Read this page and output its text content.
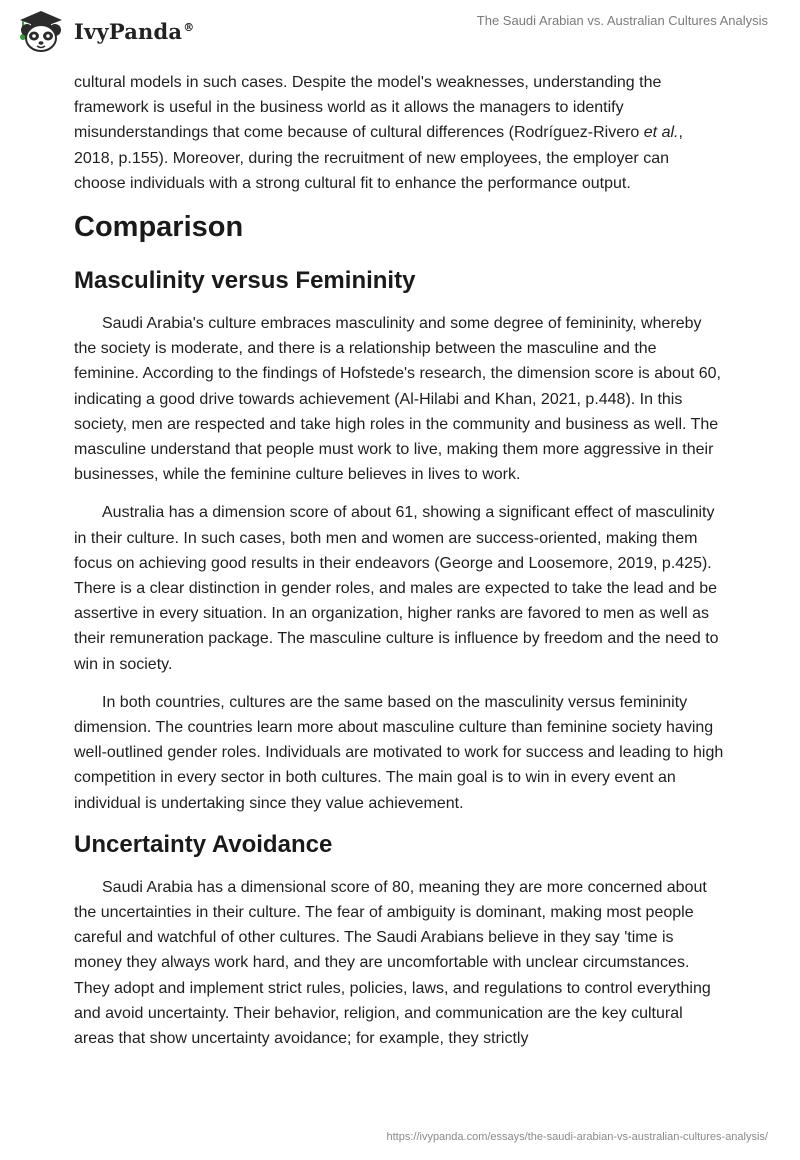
IvyPanda®	The Saudi Arabian vs. Australian Cultures Analysis

cultural models in such cases. Despite the model's weaknesses, understanding the framework is useful in the business world as it allows the managers to identify misunderstandings that come because of cultural differences (Rodríguez-Rivero et al., 2018, p.155). Moreover, during the recruitment of new employees, the employer can choose individuals with a strong cultural fit to enhance the performance output.

Comparison
Masculinity versus Femininity

Saudi Arabia's culture embraces masculinity and some degree of femininity, whereby the society is moderate, and there is a relationship between the masculine and the feminine. According to the findings of Hofstede's research, the dimension score is about 60, indicating a good drive towards achievement (Al-Hilabi and Khan, 2021, p.448). In this society, men are respected and take high roles in the community and business as well. The masculine understand that people must work to live, making them more aggressive in their businesses, while the feminine culture believes in lives to work.

Australia has a dimension score of about 61, showing a significant effect of masculinity in their culture. In such cases, both men and women are success-oriented, making them focus on achieving good results in their endeavors (George and Loosemore, 2019, p.425). There is a clear distinction in gender roles, and males are expected to take the lead and be assertive in every situation. In an organization, higher ranks are favored to men as well as their remuneration package. The masculine culture is influence by freedom and the need to win in society.

In both countries, cultures are the same based on the masculinity versus femininity dimension. The countries learn more about masculine culture than feminine society having well-outlined gender roles. Individuals are motivated to work for success and leading to high competition in every sector in both cultures. The main goal is to win in every event an individual is undertaking since they value achievement.

Uncertainty Avoidance

Saudi Arabia has a dimensional score of 80, meaning they are more concerned about the uncertainties in their culture. The fear of ambiguity is dominant, making most people careful and watchful of other cultures. The Saudi Arabians believe in they say 'time is money they always work hard, and they are uncomfortable with unclear circumstances. They adopt and implement strict rules, policies, laws, and regulations to control everything and avoid uncertainty. Their behavior, religion, and communication are the key cultural areas that show uncertainty avoidance; for example, they strictly

https://ivypanda.com/essays/the-saudi-arabian-vs-australian-cultures-analysis/
